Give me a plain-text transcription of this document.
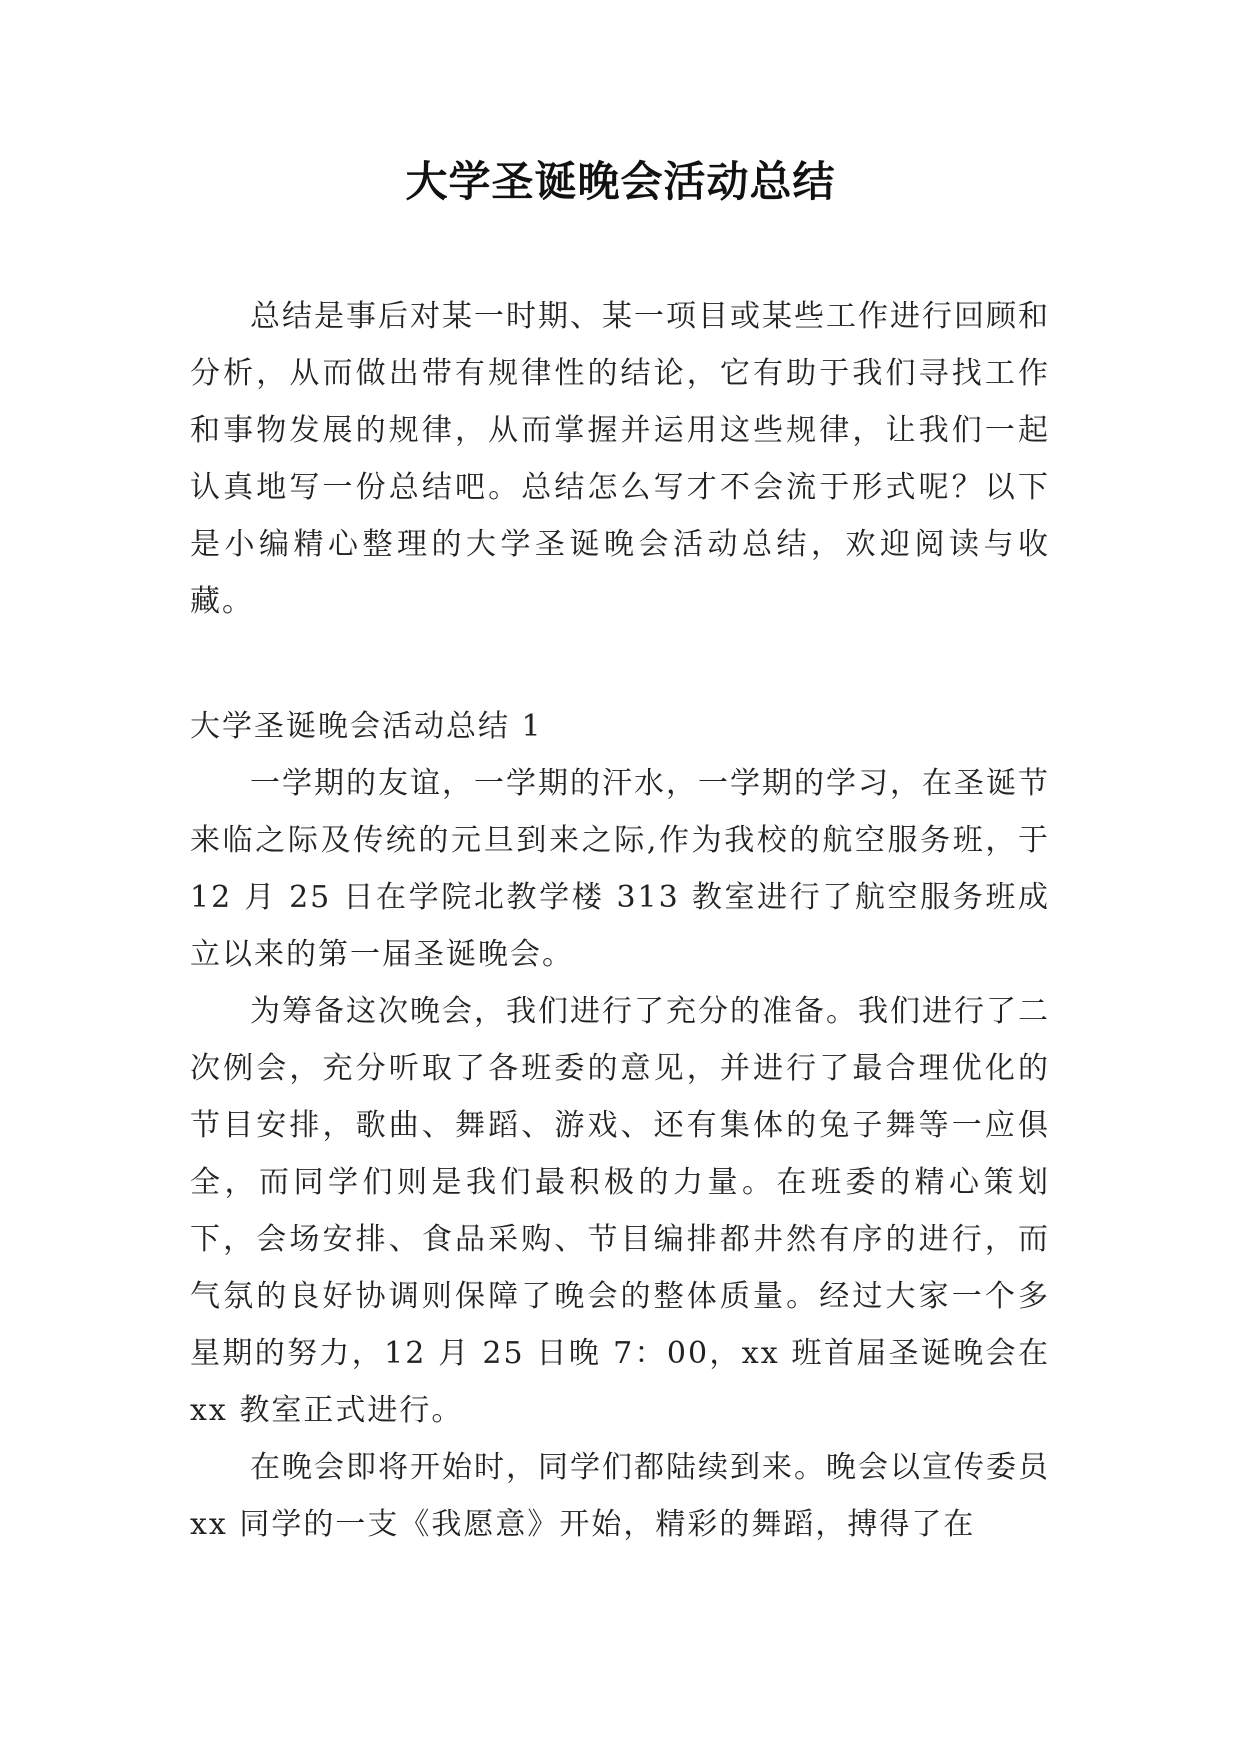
大学圣诞晚会活动总结

总结是事后对某一时期、某一项目或某些工作进行回顾和分析，从而做出带有规律性的结论，它有助于我们寻找工作和事物发展的规律，从而掌握并运用这些规律，让我们一起认真地写一份总结吧。总结怎么写才不会流于形式呢？以下是小编精心整理的大学圣诞晚会活动总结，欢迎阅读与收藏。

大学圣诞晚会活动总结 1

一学期的友谊，一学期的汗水，一学期的学习，在圣诞节来临之际及传统的元旦到来之际,作为我校的航空服务班，于 12 月 25 日在学院北教学楼 313 教室进行了航空服务班成立以来的第一届圣诞晚会。

为筹备这次晚会，我们进行了充分的准备。我们进行了二次例会，充分听取了各班委的意见，并进行了最合理优化的节目安排，歌曲、舞蹈、游戏、还有集体的兔子舞等一应俱全，而同学们则是我们最积极的力量。在班委的精心策划下，会场安排、食品采购、节目编排都井然有序的进行，而气氛的良好协调则保障了晚会的整体质量。经过大家一个多星期的努力，12 月 25 日晚 7：00，xx 班首届圣诞晚会在 xx 教室正式进行。

在晚会即将开始时，同学们都陆续到来。晚会以宣传委员 xx 同学的一支《我愿意》开始，精彩的舞蹈，搏得了在
